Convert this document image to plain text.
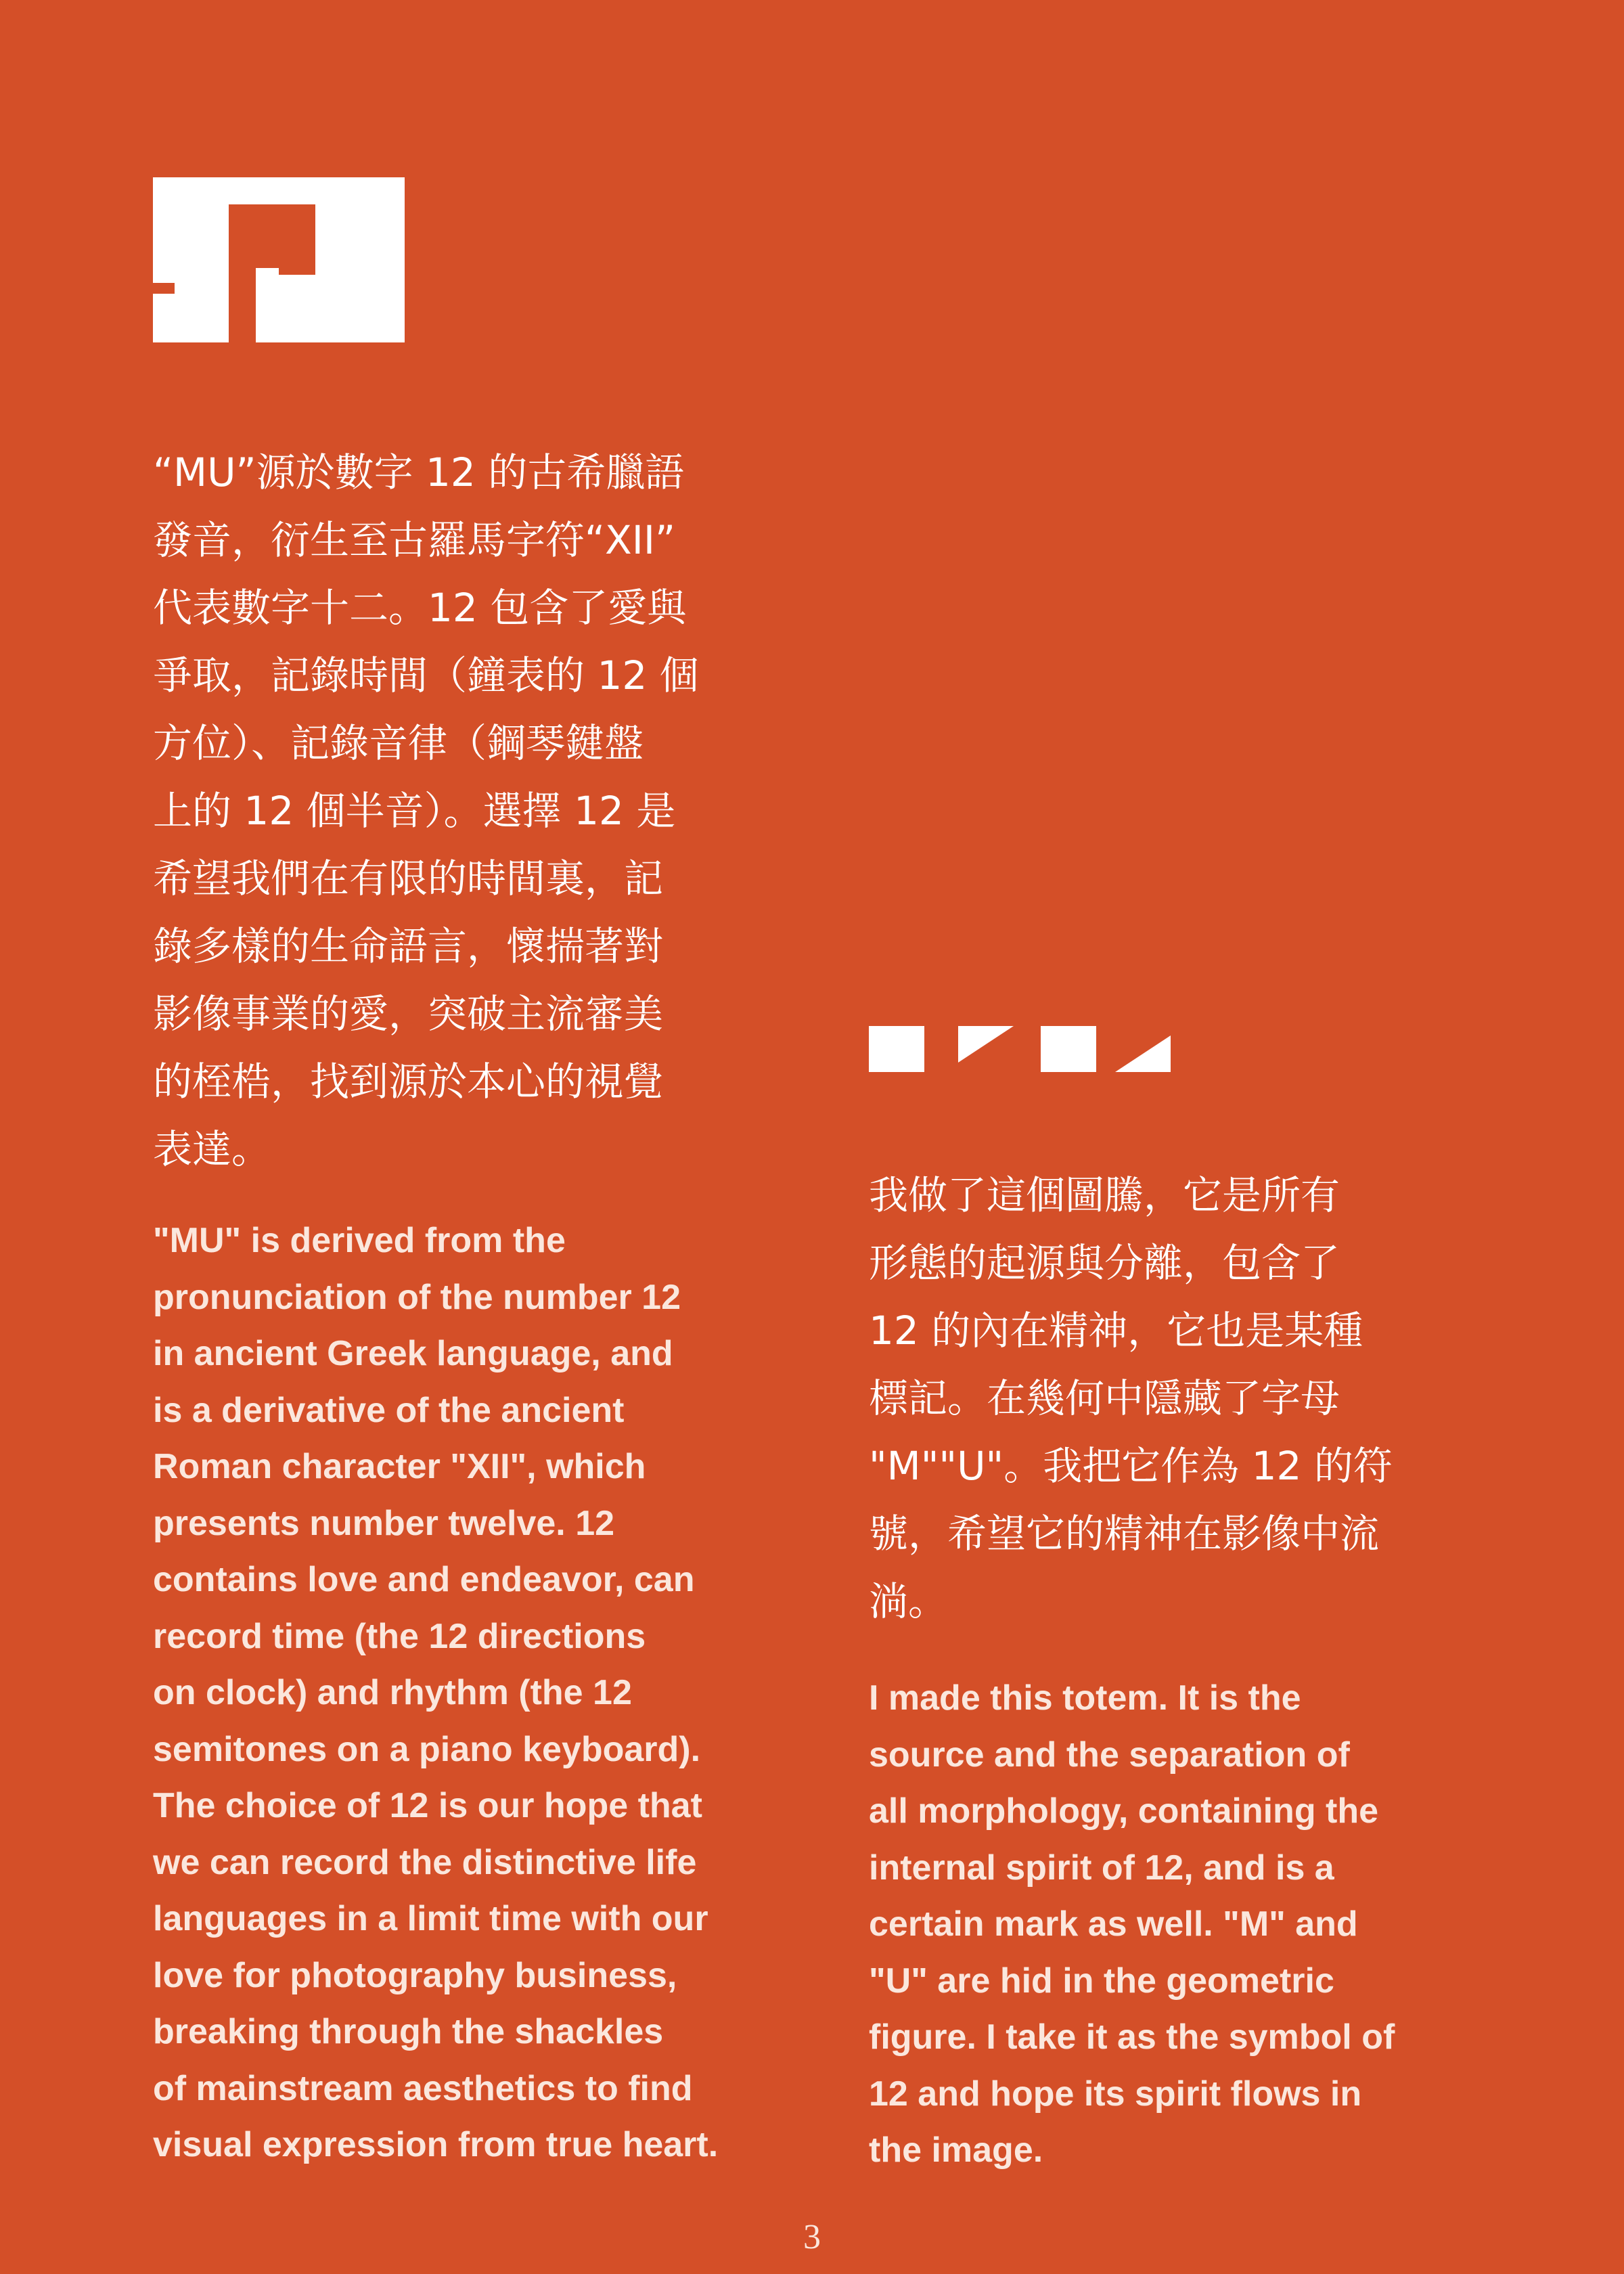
“MU”源於數字 12 的古希臘語
發音，衍生至古羅馬字符“XII”
代表數字十二。12 包含了愛與
爭取，記錄時間（鐘表的 12 個
方位）、記錄音律（鋼琴鍵盤
上的 12 個半音）。選擇 12 是
希望我們在有限的時間裏，記
錄多樣的生命語言，懷揣著對
影像事業的愛，突破主流審美
的桎梏，找到源於本心的視覺
表達。
"MU" is derived from the
pronunciation of the number 12
in ancient Greek language, and
is a derivative of the ancient
Roman character "XII", which
presents number twelve. 12
contains love and endeavor, can
record time (the 12 directions
on clock) and rhythm (the 12
semitones on a piano keyboard).
The choice of 12 is our hope that
we can record the distinctive life
languages in a limit time with our
love for photography business,
breaking through the shackles
of mainstream aesthetics to find
visual expression from true heart.
我做了這個圖騰，它是所有
形態的起源與分離，包含了
12 的內在精神，它也是某種
標記。在幾何中隱藏了字母
"M""U"。我把它作為 12 的符
號，希望它的精神在影像中流
淌。
I made this totem. It is the
source and the separation of
all morphology, containing the
internal spirit of 12, and is a
certain mark as well. "M" and
"U" are hid in the geometric
figure. I take it as the symbol of
12 and hope its spirit flows in
the image.
3
